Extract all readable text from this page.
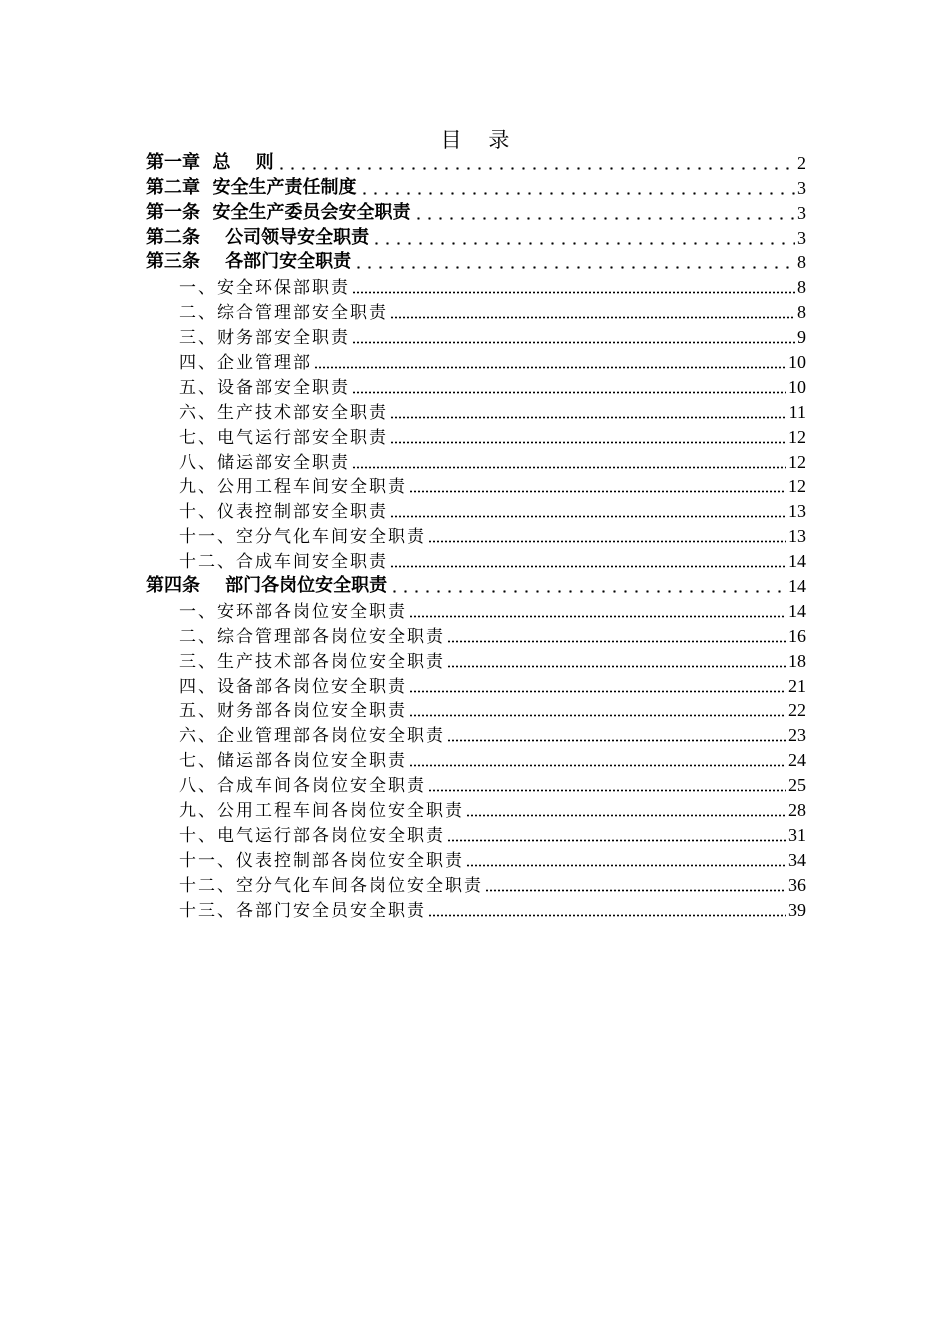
目    录
第一章  总    则	2
第二章  安全生产责任制度	3
第一条  安全生产委员会安全职责	3
第二条    公司领导安全职责	3
第三条    各部门安全职责	8
一、安全环保部职责	8
二、综合管理部安全职责	8
三、财务部安全职责	9
四、企业管理部	10
五、设备部安全职责	10
六、生产技术部安全职责	11
七、电气运行部安全职责	12
八、储运部安全职责	12
九、公用工程车间安全职责	12
十、仪表控制部安全职责	13
十一、空分气化车间安全职责	13
十二、合成车间安全职责	14
第四条    部门各岗位安全职责	14
一、安环部各岗位安全职责	14
二、综合管理部各岗位安全职责	16
三、生产技术部各岗位安全职责	18
四、设备部各岗位安全职责	21
五、财务部各岗位安全职责	22
六、企业管理部各岗位安全职责	23
七、储运部各岗位安全职责	24
八、合成车间各岗位安全职责	25
九、公用工程车间各岗位安全职责	28
十、电气运行部各岗位安全职责	31
十一、仪表控制部各岗位安全职责	34
十二、空分气化车间各岗位安全职责	36
十三、各部门安全员安全职责	39
